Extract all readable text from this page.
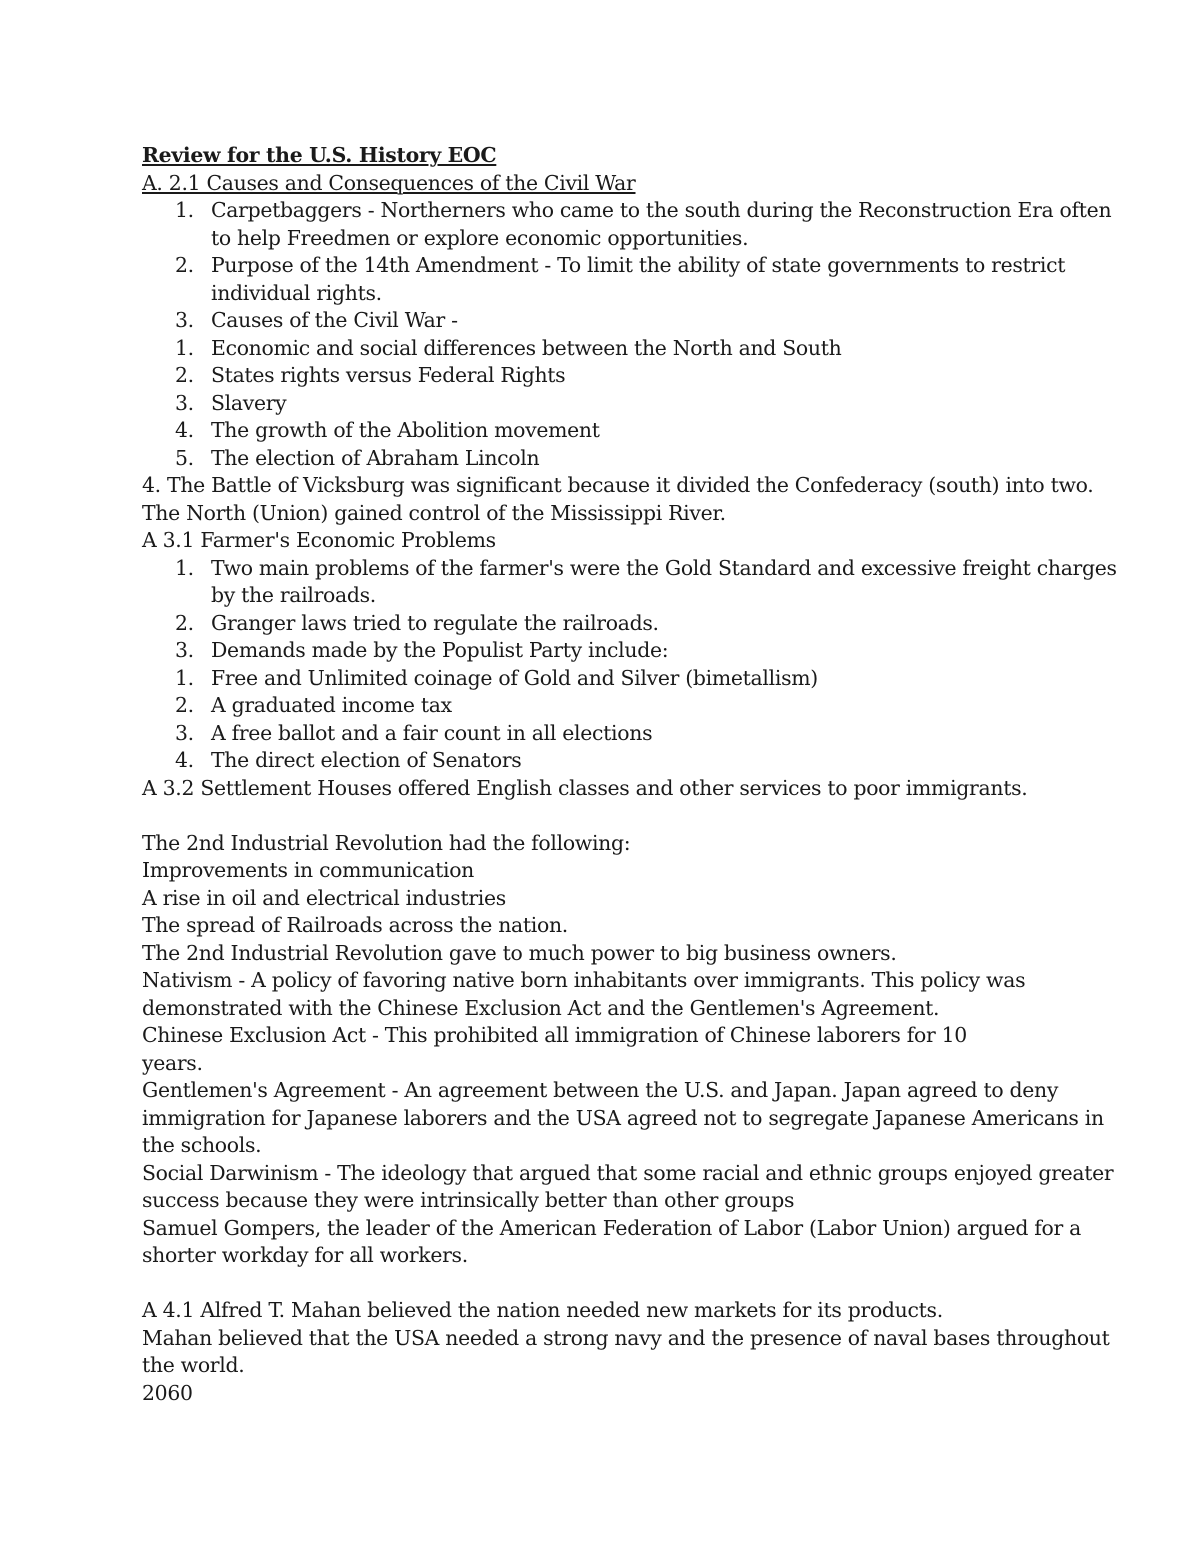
Review for the U.S. History EOC
A. 2.1 Causes and Consequences of the Civil War
1. Carpetbaggers - Northerners who came to the south during the Reconstruction Era often
to help Freedmen or explore economic opportunities.
2. Purpose of the 14th Amendment - To limit the ability of state governments to restrict
individual rights.
3. Causes of the Civil War -
1. Economic and social differences between the North and South
2. States rights versus Federal Rights
3. Slavery
4. The growth of the Abolition movement
5. The election of Abraham Lincoln
4. The Battle of Vicksburg was significant because it divided the Confederacy (south) into two.
The North (Union) gained control of the Mississippi River.
A 3.1 Farmer's Economic Problems
1. Two main problems of the farmer's were the Gold Standard and excessive freight charges
by the railroads.
2. Granger laws tried to regulate the railroads.
3. Demands made by the Populist Party include:
1. Free and Unlimited coinage of Gold and Silver (bimetallism)
2. A graduated income tax
3. A free ballot and a fair count in all elections
4. The direct election of Senators
A 3.2 Settlement Houses offered English classes and other services to poor immigrants.
The 2nd Industrial Revolution had the following:
Improvements in communication
A rise in oil and electrical industries
The spread of Railroads across the nation.
The 2nd Industrial Revolution gave to much power to big business owners.
Nativism - A policy of favoring native born inhabitants over immigrants. This policy was
demonstrated with the Chinese Exclusion Act and the Gentlemen's Agreement.
Chinese Exclusion Act - This prohibited all immigration of Chinese laborers for 10
years.
Gentlemen's Agreement - An agreement between the U.S. and Japan. Japan agreed to deny
immigration for Japanese laborers and the USA agreed not to segregate Japanese Americans in
the schools.
Social Darwinism - The ideology that argued that some racial and ethnic groups enjoyed greater
success because they were intrinsically better than other groups
Samuel Gompers, the leader of the American Federation of Labor (Labor Union) argued for a
shorter workday for all workers.
A 4.1 Alfred T. Mahan believed the nation needed new markets for its products.
Mahan believed that the USA needed a strong navy and the presence of naval bases throughout
the world.
2060
